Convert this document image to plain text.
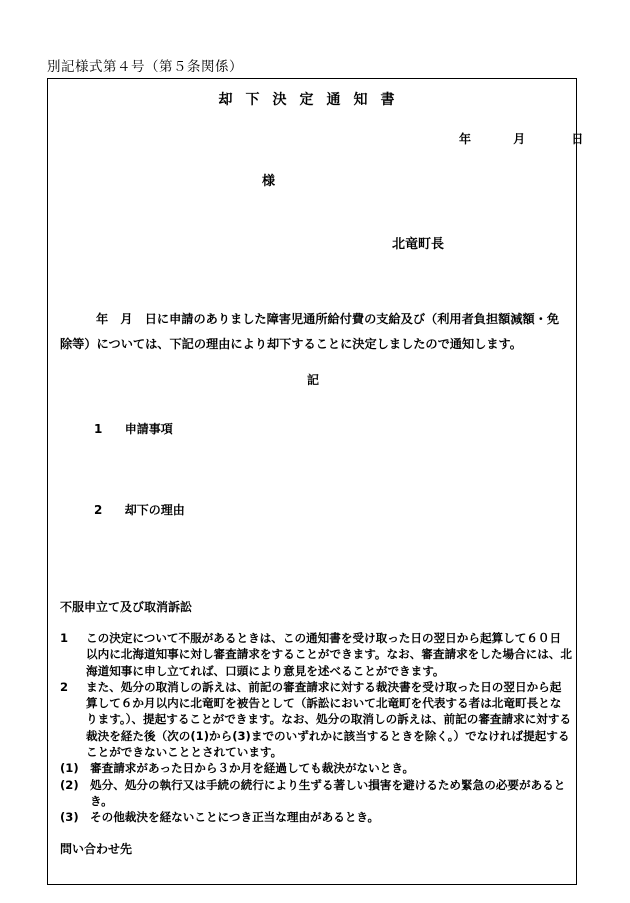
別記様式第４号（第５条関係）
却下決定通知書
年	月	日
様
北竜町長
年　月　日に申請のありました障害児通所給付費の支給及び（利用者負担額減額・免除等）については、下記の理由により却下することに決定しましたので通知します。
記
1 申請事項
2 却下の理由
不服申立て及び取消訴訟
1	この決定について不服があるときは、この通知書を受け取った日の翌日から起算して６０日以内に北海道知事に対し審査請求をすることができます。なお、審査請求をした場合には、北海道知事に申し立てれば、口頭により意見を述べることができます。
2	また、処分の取消しの訴えは、前記の審査請求に対する裁決書を受け取った日の翌日から起算して６か月以内に北竜町を被告として（訴訟において北竜町を代表する者は北竜町長となります。）、提起することができます。なお、処分の取消しの訴えは、前記の審査請求に対する裁決を経た後（次の(1)から(3)までのいずれかに該当するときを除く。）でなければ提起することができないこととされています。
(1) 審査請求があった日から３か月を経過しても裁決がないとき。
(2) 処分、処分の執行又は手続の続行により生ずる著しい損害を避けるため緊急の必要があるとき。
(3) その他裁決を経ないことにつき正当な理由があるとき。
問い合わせ先
